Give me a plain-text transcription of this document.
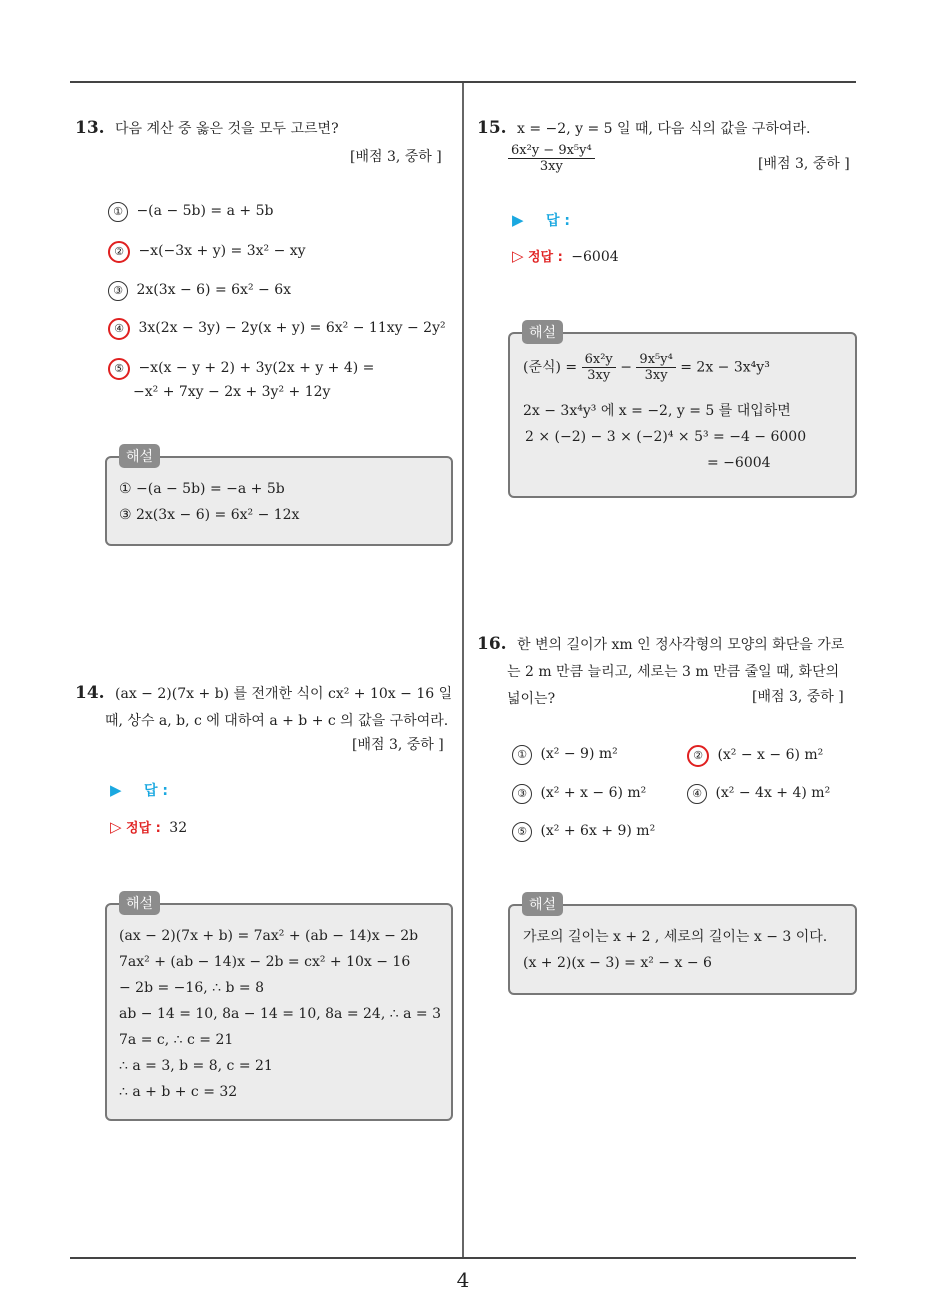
13. 다음 계산 중 옳은 것을 모두 고르면?
[배점 3, 중하 ]
① −(a − 5b) = a + 5b
② −x(−3x + y) = 3x² − xy
③ 2x(3x − 6) = 6x² − 6x
④ 3x(2x − 3y) − 2y(x + y) = 6x² − 11xy − 2y²
⑤ −x(x − y + 2) + 3y(2x + y + 4) =
−x² + 7xy − 2x + 3y² + 12y
해설
① −(a − 5b) = −a + 5b
③ 2x(3x − 6) = 6x² − 12x
14. (ax − 2)(7x + b) 를 전개한 식이 cx² + 10x − 16 일
때, 상수 a, b, c 에 대하여 a + b + c 의 값을 구하여라.
[배점 3, 중하 ]
▶ 답 :
▷ 정답 : 32
해설
(ax − 2)(7x + b) = 7ax² + (ab − 14)x − 2b
7ax² + (ab − 14)x − 2b = cx² + 10x − 16
− 2b = −16, ∴ b = 8
ab − 14 = 10, 8a − 14 = 10, 8a = 24, ∴ a = 3
7a = c, ∴ c = 21
∴ a = 3, b = 8, c = 21
∴ a + b + c = 32
15. x = −2, y = 5 일 때, 다음 식의 값을 구하여라.
$\frac{\text{6x²y − 9x⁵y⁴}}{3xy}$	[배점 3, 중하 ]
▶ 답 :
▷ 정답 : −6004
해설
(준식) = $\frac{\text{6x²y}}{3xy} - \frac{\text{9x⁵y⁴}}{3xy} = 2x - 3x^4y^3$
2x − 3x⁴y³ 에 x = −2, y = 5 를 대입하면
2 × (−2) − 3 × (−2)⁴ × 5³ = −4 − 6000
= −6004
16. 한 변의 길이가 xm 인 정사각형의 모양의 화단을 가로
는 2 m 만큼 늘리고, 세로는 3 m 만큼 줄일 때, 화단의
넓이는?	[배점 3, 중하 ]
① (x² − 9) m²	② (x² − x − 6) m²
③ (x² + x − 6) m²	④ (x² − 4x + 4) m²
⑤ (x² + 6x + 9) m²
해설
가로의 길이는 x + 2 , 세로의 길이는 x − 3 이다.
(x + 2)(x − 3) = x² − x − 6
4
